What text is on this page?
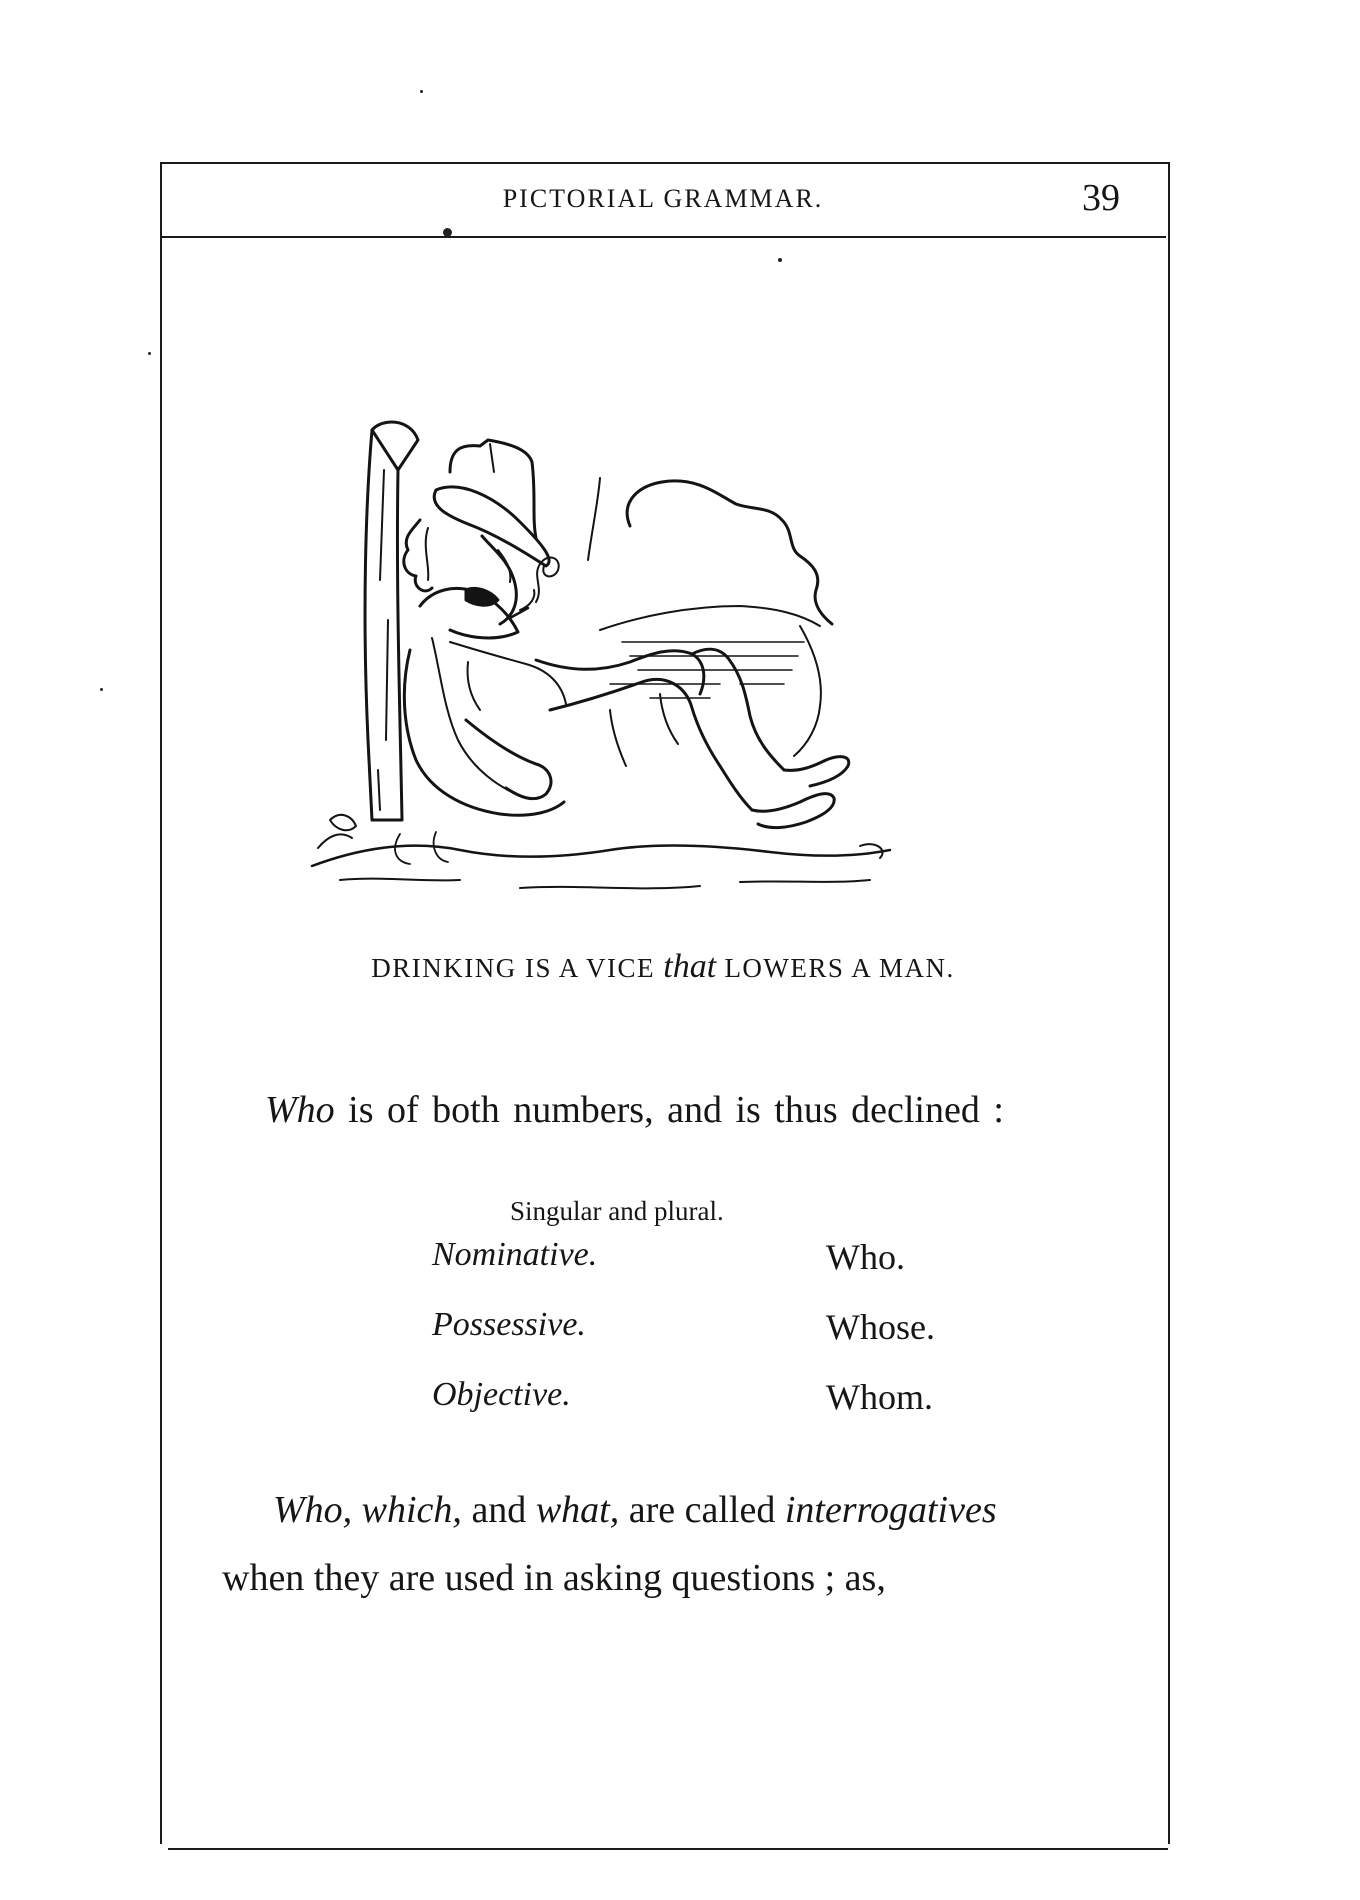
PICTORIAL GRAMMAR.	39
DRINKING IS A VICE that LOWERS A MAN.
Who is of both numbers, and is thus declined :
Singular and plural.
Nominative.	Who.
Possessive.	Whose.
Objective.	Whom.
Who, which, and what, are called interrogatives
when they are used in asking questions ; as,
